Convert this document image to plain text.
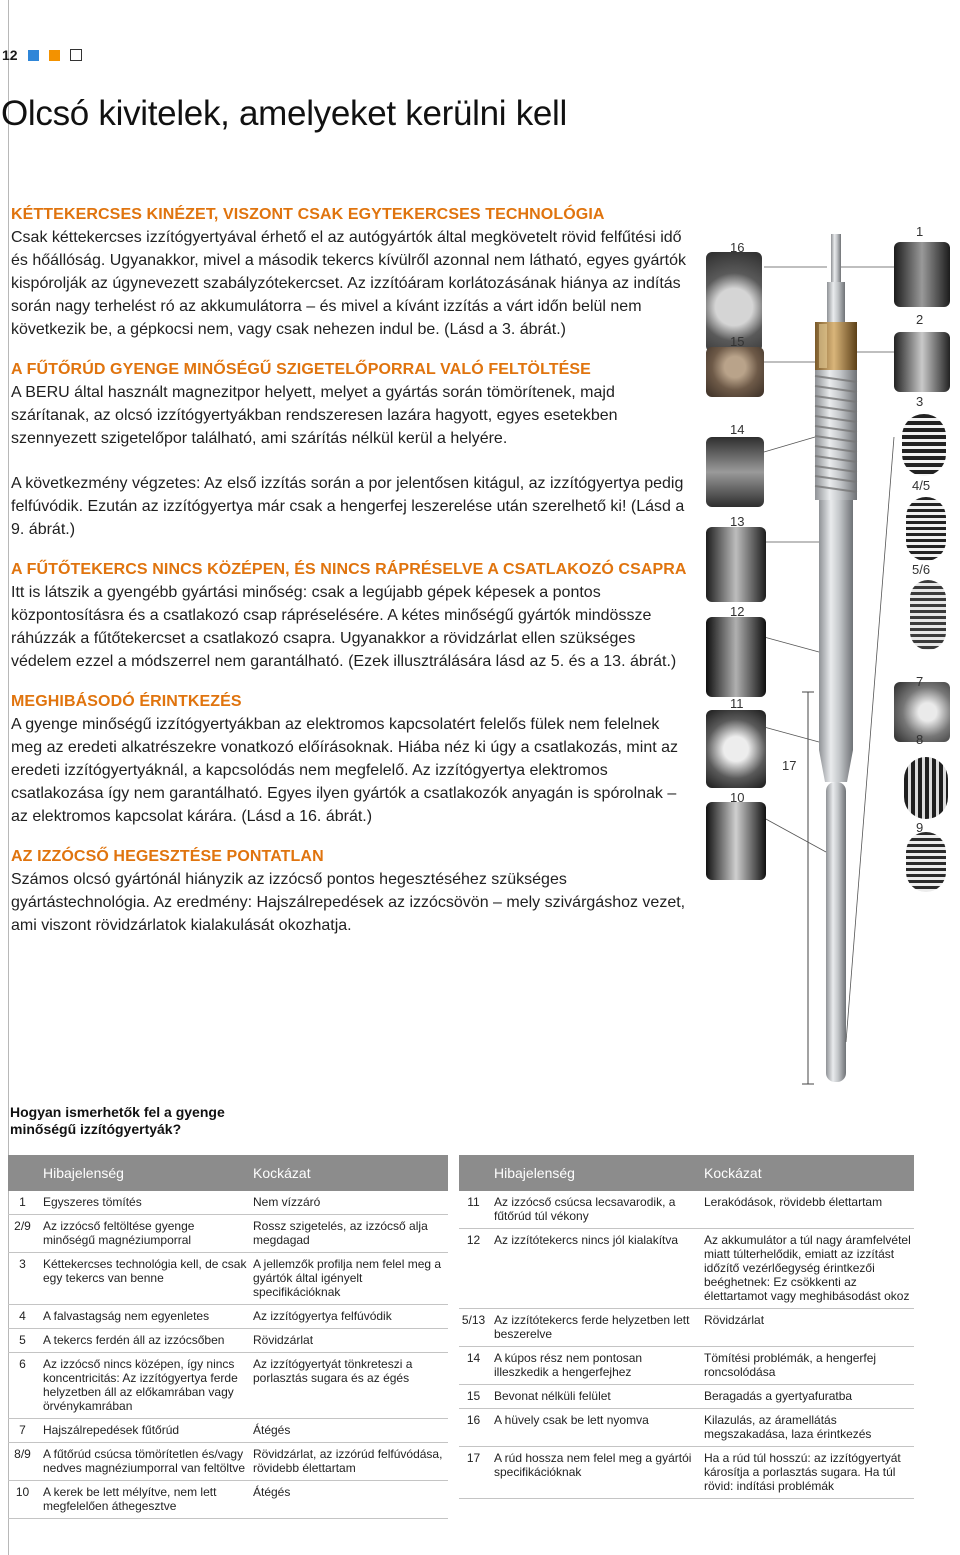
12
Olcsó kivitelek, amelyeket kerülni kell
KÉTTEKERCSES KINÉZET, VISZONT CSAK EGYTEKERCSES TECHNOLÓGIA

Csak kéttekercses izzítógyertyával érhető el az autógyártók által megkövetelt rövid felfűtési idő és hőállóság. Ugyanakkor, mivel a második tekercs kívülről azonnal nem látható, egyes gyártók kispórolják az úgynevezett szabályzótekercset. Az izzítóáram korlátozásának hiánya az indítás során nagy terhelést ró az akkumulátorra – és mivel a kívánt izzítás a várt időn belül nem következik be, a gépkocsi nem, vagy csak nehezen indul be. (Lásd a 3. ábrát.)

A FŰTŐRÚD GYENGE MINŐSÉGŰ SZIGETELŐPORRAL VALÓ FELTÖLTÉSE

A BERU által használt magnezitpor helyett, melyet a gyártás során tömörítenek, majd szárítanak, az olcsó izzítógyertyákban rendszeresen lazára hagyott, egyes esetekben szennyezett szigetelőpor található, ami szárítás nélkül kerül a helyére.

A következmény végzetes: Az első izzítás során a por jelentősen kitágul, az izzítógyertya pedig felfúvódik. Ezután az izzítógyertya már csak a hengerfej leszerelése után szerelhető ki! (Lásd a 9. ábrát.)

A FŰTŐTEKERCS NINCS KÖZÉPEN, ÉS NINCS RÁPRÉSELVE A CSATLAKOZÓ CSAPRA

Itt is látszik a gyengébb gyártási minőség: csak a legújabb gépek képesek a pontos központosításra és a csatlakozó csap rápréselésére. A kétes minőségű gyártók mindössze ráhúzzák a fűtőtekercset a csatlakozó csapra. Ugyanakkor a rövidzárlat ellen szükséges védelem ezzel a módszerrel nem garantálható. (Ezek illusztrálására lásd az 5. és a 13. ábrát.)

MEGHIBÁSODÓ ÉRINTKEZÉS

A gyenge minőségű izzítógyertyákban az elektromos kapcsolatért felelős fülek nem felelnek meg az eredeti alkatrészekre vonatkozó előírásoknak. Hiába néz ki úgy a csatlakozás, mint az eredeti izzítógyertyáknál, a kapcsolódás nem megfelelő. Az izzítógyertya elektromos csatlakozása így nem garantálható. Egyes ilyen gyártók a csatlakozók anyagán is spórolnak – az elektromos kapcsolat kárára. (Lásd a 16. ábrát.)

AZ IZZÓCSŐ HEGESZTÉSE PONTATLAN

Számos olcsó gyártónál hiányzik az izzócső pontos hegesztéséhez szükséges gyártástechnológia. Az eredmény: Hajszálrepedések az izzócsövön – mely szivárgáshoz vezet, ami viszont rövidzárlatok kialakulását okozhatja.

16
15
14
13
12
11
10
17
1
2
3
4/5
5/6
7
8
9
Hogyan ismerhetők fel a gyenge minőségű izzítógyertyák?
	Hibajelenség	Kockázat
1	Egyszeres tömítés	Nem vízzáró
2/9	Az izzócső feltöltése gyenge minőségű magnéziumporral	Rossz szigetelés, az izzócső alja megdagad
3	Kéttekercses technológia kell, de csak egy tekercs van benne	A jellemzők profilja nem felel meg a gyártók által igényelt specifikációknak
4	A falvastagság nem egyenletes	Az izzítógyertya felfúvódik
5	A tekercs ferdén áll az izzócsőben	Rövidzárlat
6	Az izzócső nincs középen, így nincs koncentricitás: Az izzítógyertya ferde helyzetben áll az előkamrában vagy örvénykamrában	Az izzítógyertyát tönkreteszi a porlasztás sugara és az égés
7	Hajszálrepedések fűtőrúd	Átégés
8/9	A fűtőrúd csúcsa tömörítetlen és/vagy nedves magnéziumporral van feltöltve	Rövidzárlat, az izzórúd felfúvódása, rövidebb élettartam
10	A kerek be lett mélyítve, nem lett megfelelően áthegesztve	Átégés
	Hibajelenség	Kockázat
11	Az izzócső csúcsa lecsavarodik, a fűtőrúd túl vékony	Lerakódások, rövidebb élettartam
12	Az izzítótekercs nincs jól kialakítva	Az akkumulátor a túl nagy áramfelvétel miatt túlterhelődik, emiatt az izzítást időzítő vezérlőegység érintkezői beéghetnek: Ez csökkenti az élettartamot vagy meghibásodást okoz
5/13	Az izzítótekercs ferde helyzetben lett beszerelve	Rövidzárlat
14	A kúpos rész nem pontosan illeszkedik a hengerfejhez	Tömítési problémák, a hengerfej roncsolódása
15	Bevonat nélküli felület	Beragadás a gyertyafuratba
16	A hüvely csak be lett nyomva	Kilazulás, az áramellátás megszakadása, laza érintkezés
17	A rúd hossza nem felel meg a gyártói specifikációknak	Ha a rúd túl hosszú: az izzítógyertyát károsítja a porlasztás sugara. Ha túl rövid: indítási problémák
